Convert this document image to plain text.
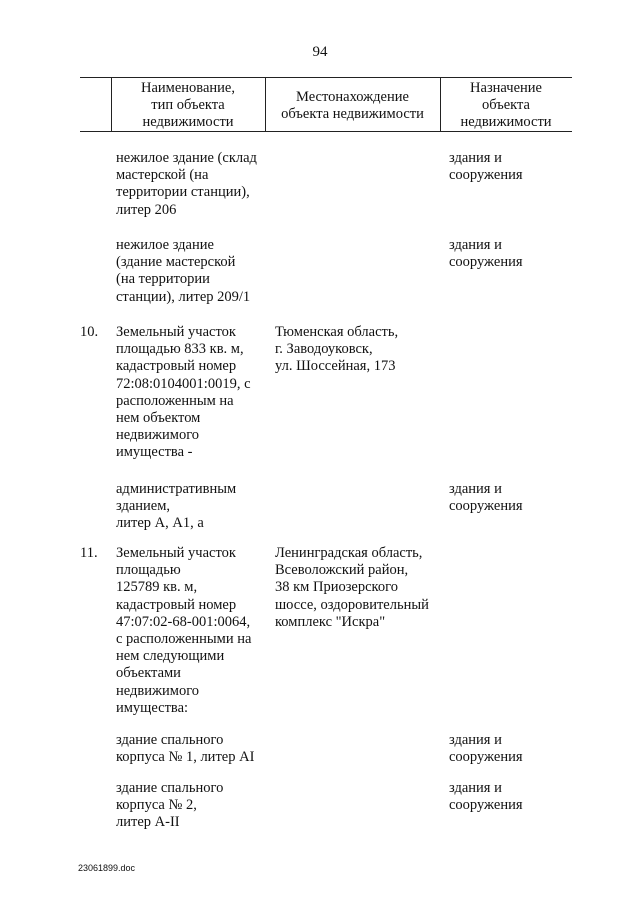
94
Наименование,
тип объекта
недвижимости
Местонахождение
объекта недвижимости
Назначение
объекта
недвижимости
нежилое здание (склад
мастерской (на
территории станции),
литер 206
здания и
сооружения
нежилое здание
(здание мастерской
(на территории
станции), литер 209/1
здания и
сооружения
10. Земельный участок
площадью 833 кв. м,
кадастровый номер
72:08:0104001:0019, с
расположенным на
нем объектом
недвижимого
имущества -
Тюменская область,
г. Заводоуковск,
ул. Шоссейная, 173
административным
зданием,
литер А, А1, а
здания и
сооружения
11. Земельный участок
площадью
125789 кв. м,
кадастровый номер
47:07:02-68-001:0064,
с расположенными на
нем следующими
объектами
недвижимого
имущества:
Ленинградская область,
Всеволожский район,
38 км Приозерского
шоссе, оздоровительный
комплекс "Искра"
здание спального
корпуса № 1, литер AI
здания и
сооружения
здание спального
корпуса № 2,
литер А-II
здания и
сооружения
23061899.doc
